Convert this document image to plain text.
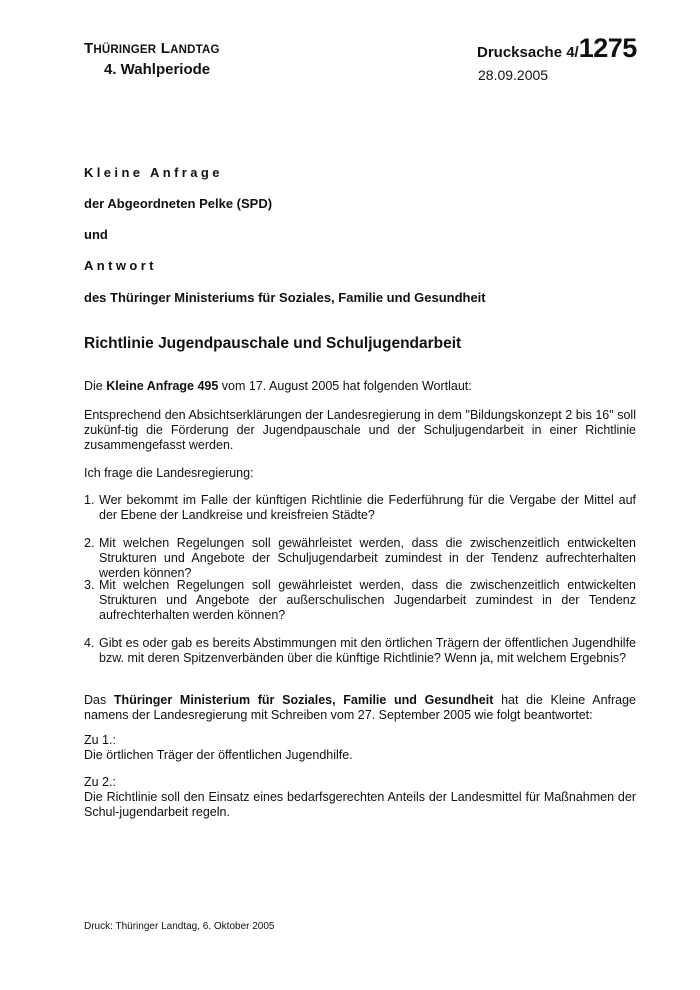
THÜRINGER LANDTAG

4. Wahlperiode

Drucksache 4/1275

28.09.2005

Kleine Anfrage

der Abgeordneten Pelke (SPD)

und

Antwort

des Thüringer Ministeriums für Soziales, Familie und Gesundheit

Richtlinie Jugendpauschale und Schuljugendarbeit

Die Kleine Anfrage 495 vom 17. August 2005 hat folgenden Wortlaut:

Entsprechend den Absichtserklärungen der Landesregierung in dem "Bildungskonzept 2 bis 16" soll zukünf-tig die Förderung der Jugendpauschale und der Schuljugendarbeit in einer Richtlinie zusammengefasst werden.
Ich frage die Landesregierung:
1. Wer bekommt im Falle der künftigen Richtlinie die Federführung für die Vergabe der Mittel auf der Ebene der Landkreise und kreisfreien Städte?
2. Mit welchen Regelungen soll gewährleistet werden, dass die zwischenzeitlich entwickelten Strukturen und Angebote der Schuljugendarbeit zumindest in der Tendenz aufrechterhalten werden können?
3. Mit welchen Regelungen soll gewährleistet werden, dass die zwischenzeitlich entwickelten Strukturen und Angebote der außerschulischen Jugendarbeit zumindest in der Tendenz aufrechterhalten werden können?
4. Gibt es oder gab es bereits Abstimmungen mit den örtlichen Trägern der öffentlichen Jugendhilfe bzw. mit deren Spitzenverbänden über die künftige Richtlinie? Wenn ja, mit welchem Ergebnis?

Das Thüringer Ministerium für Soziales, Familie und Gesundheit hat die Kleine Anfrage namens der Landesregierung mit Schreiben vom 27. September 2005 wie folgt beantwortet:

Zu 1.:

Die örtlichen Träger der öffentlichen Jugendhilfe.

Zu 2.:

Die Richtlinie soll den Einsatz eines bedarfsgerechten Anteils der Landesmittel für Maßnahmen der Schul-jugendarbeit regeln.

Druck: Thüringer Landtag, 6. Oktober 2005
